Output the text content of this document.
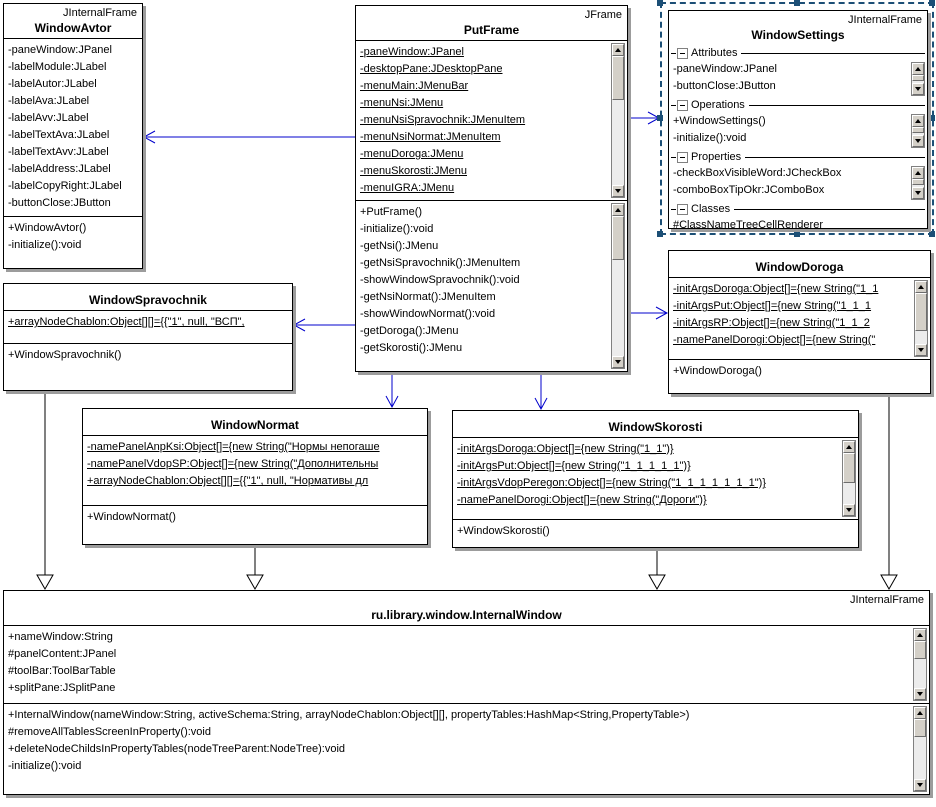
JInternalFrame
WindowAvtor
-paneWindow:JPanel
-labelModule:JLabel
-labelAutor:JLabel
-labelAva:JLabel
-labelAvv:JLabel
-labelTextAva:JLabel
-labelTextAvv:JLabel
-labelAddress:JLabel
-labelCopyRight:JLabel
-buttonClose:JButton
+WindowAvtor()
-initialize():void
JFrame
PutFrame
-paneWindow:JPanel
-desktopPane:JDesktopPane
-menuMain:JMenuBar
-menuNsi:JMenu
-menuNsiSpravochnik:JMenuItem
-menuNsiNormat:JMenuItem
-menuDoroga:JMenu
-menuSkorosti:JMenu
-menuIGRA:JMenu
+PutFrame()
-initialize():void
-getNsi():JMenu
-getNsiSpravochnik():JMenuItem
-showWindowSpravochnik():void
-getNsiNormat():JMenuItem
-showWindowNormat():void
-getDoroga():JMenu
-getSkorosti():JMenu
JInternalFrame
WindowSettings
Attributes
-paneWindow:JPanel
-buttonClose:JButton
Operations
+WindowSettings()
-initialize():void
Properties
-checkBoxVisibleWord:JCheckBox
-comboBoxTipOkr:JComboBox
Classes
#ClassNameTreeCellRenderer
WindowSpravochnik
+arrayNodeChablon:Object[][]={{"1", null, "ВСП",
+WindowSpravochnik()
WindowDoroga
-initArgsDoroga:Object[]={new String("1_1
-initArgsPut:Object[]={new String("1_1_1
-initArgsRP:Object[]={new String("1_1_2
-namePanelDorogi:Object[]={new String("
+WindowDoroga()
WindowNormat
-namePanelAnpKsi:Object[]={new String("Нормы непогаше
-namePanelVdopSP:Object[]={new String("Дополнительны
+arrayNodeChablon:Object[][]={{"1", null, "Нормативы дл
+WindowNormat()
WindowSkorosti
-initArgsDoroga:Object[]={new String("1_1")}
-initArgsPut:Object[]={new String("1_1_1_1_1")}
-initArgsVdopPeregon:Object[]={new String("1_1_1_1_1_1_1")}
-namePanelDorogi:Object[]={new String("Дороги")}
+WindowSkorosti()
JInternalFrame
ru.library.window.InternalWindow
+nameWindow:String
#panelContent:JPanel
#toolBar:ToolBarTable
+splitPane:JSplitPane
+InternalWindow(nameWindow:String, activeSchema:String, arrayNodeChablon:Object[][], propertyTables:HashMap<String,PropertyTable>)
#removeAllTablesScreenInProperty():void
+deleteNodeChildsInPropertyTables(nodeTreeParent:NodeTree):void
-initialize():void
